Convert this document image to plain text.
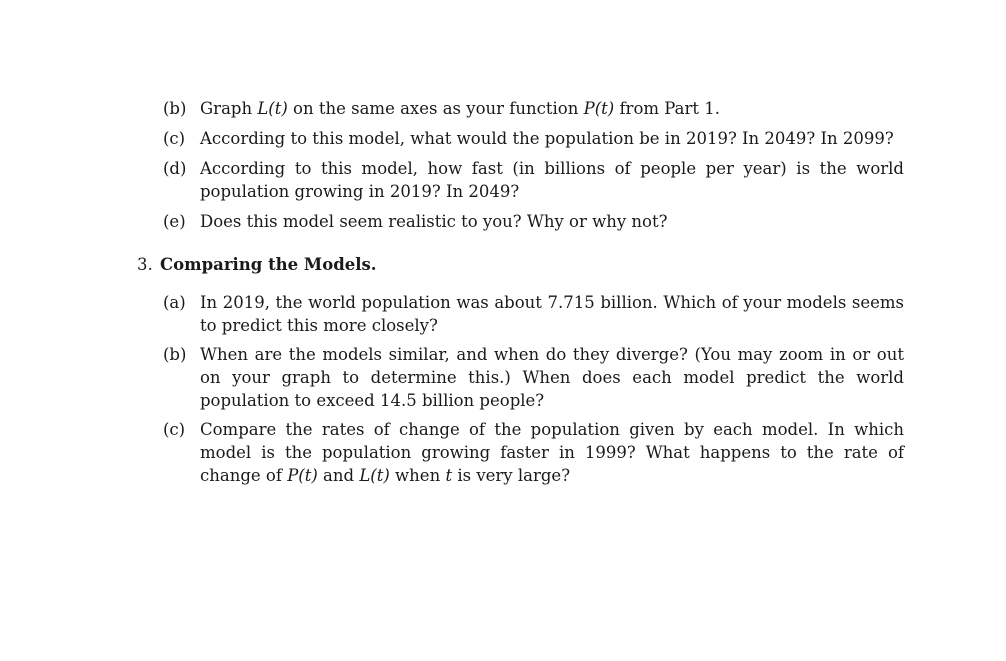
(b) Graph L(t) on the same axes as your function P(t) from Part 1.
(c) According to this model, what would the population be in 2019? In 2049? In 2099?
(d) According to this model, how fast (in billions of people per year) is the world population growing in 2019? In 2049?
(e) Does this model seem realistic to you? Why or why not?
3. Comparing the Models.
(a) In 2019, the world population was about 7.715 billion. Which of your models seems to predict this more closely?
(b) When are the models similar, and when do they diverge? (You may zoom in or out on your graph to determine this.) When does each model predict the world population to exceed 14.5 billion people?
(c) Compare the rates of change of the population given by each model. In which model is the population growing faster in 1999? What happens to the rate of change of P(t) and L(t) when t is very large?
